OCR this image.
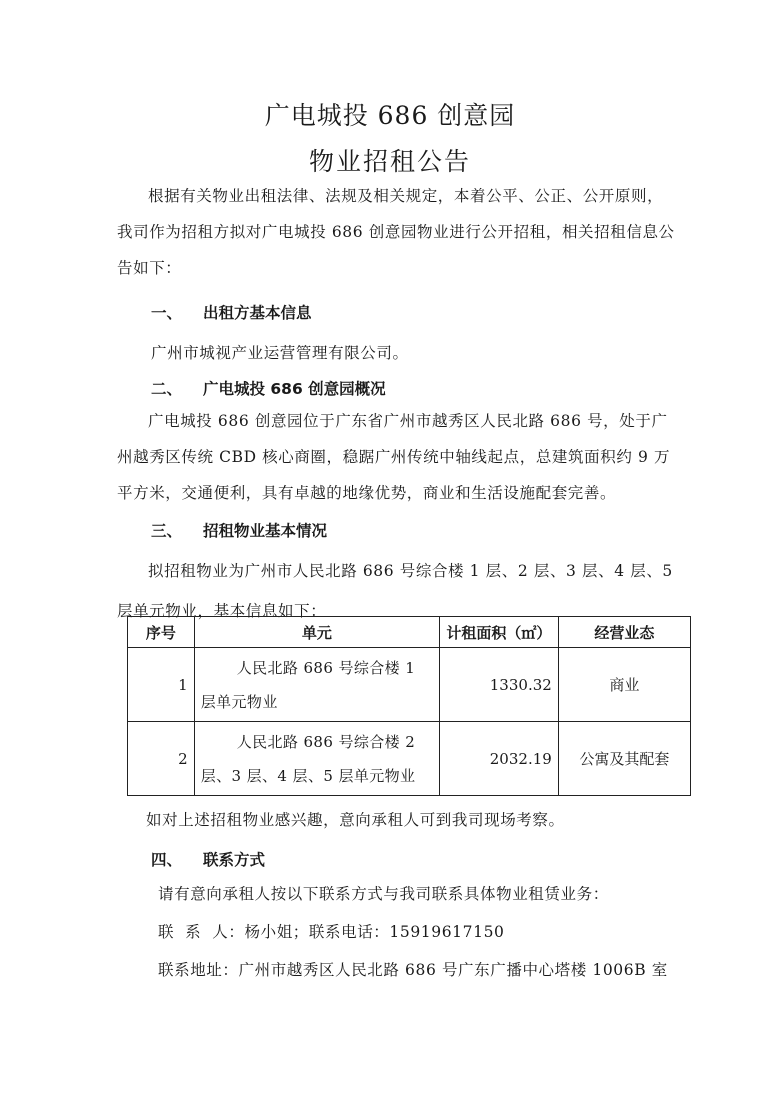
广电城投 686 创意园
物业招租公告
根据有关物业出租法律、法规及相关规定，本着公平、公正、公开原则，我司作为招租方拟对广电城投 686 创意园物业进行公开招租，相关招租信息公告如下：
一、 出租方基本信息
广州市城视产业运营管理有限公司。
二、 广电城投 686 创意园概况
广电城投 686 创意园位于广东省广州市越秀区人民北路 686 号，处于广州越秀区传统 CBD 核心商圈，稳踞广州传统中轴线起点，总建筑面积约 9 万平方米，交通便利，具有卓越的地缘优势，商业和生活设施配套完善。
三、 招租物业基本情况
拟招租物业为广州市人民北路 686 号综合楼 1 层、2 层、3 层、4 层、5 层单元物业，基本信息如下：
序号	单元	计租面积（㎡）	经营业态
1	人民北路 686 号综合楼 1 层单元物业	1330.32	商业
2	人民北路 686 号综合楼 2 层、3 层、4 层、5 层单元物业	2032.19	公寓及其配套
如对上述招租物业感兴趣，意向承租人可到我司现场考察。
四、 联系方式
请有意向承租人按以下联系方式与我司联系具体物业租赁业务：
联  系  人：杨小姐；联系电话：15919617150
联系地址：广州市越秀区人民北路 686 号广东广播中心塔楼 1006B 室
